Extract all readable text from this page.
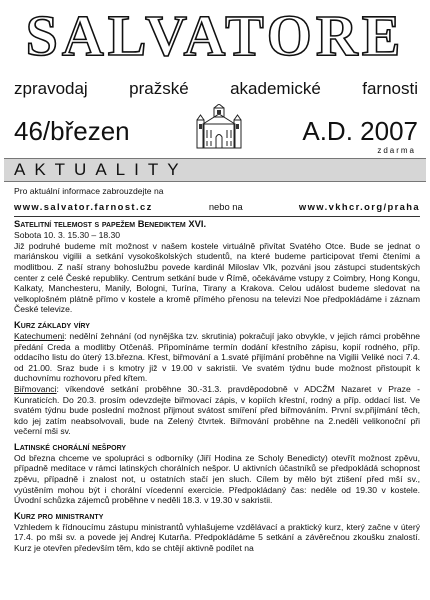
SALVATORE
zpravodaj pražské akademické farnosti
46/březen	A.D. 2007
zdarma
AKTUALITY

Pro aktuální informace zabrouzdejte na

www.salvator.farnost.cz	nebo na	www.vkhcr.org/praha
Satelitní telemost s papežem Benediktem XVI.

Sobota 10. 3. 15.30 – 18.30

Již podruhé budeme mít možnost v našem kostele virtuálně přivítat Svatého Otce. Bude se jednat o mariánskou vigilii a setkání vysokoškolských studentů, na které budeme participovat třemi čteními a modlitbou. Z naší strany bohoslužbu povede kardinál Miloslav Vlk, pozváni jsou zástupci studentských center z celé České republiky. Centrum setkání bude v Římě, očekáváme vstupy z Coimbry, Hong Kongu, Kalkaty, Manchesteru, Manily, Bologni, Turína, Tirany a Krakova. Celou událost budeme sledovat na velkoplošném plátně přímo v kostele a kromě přímého přenosu na televizi Noe předpokládáme i záznam České televize.

Kurz základy víry

Katechumeni: nedělní žehnání (od nynějška tzv. skrutinia) pokračují jako obvykle, v jejich rámci proběhne předání Creda a modlitby Otčenáš. Připomínáme termín dodání křestního zápisu, kopií rodného, příp. oddacího listu do úterý 13.března. Křest, biřmování a 1.svaté přijímání proběhne na Vigilii Veliké noci 7.4. od 21.00. Sraz bude i s kmotry již v 19.00 v sakristii. Ve svatém týdnu bude možnost přistoupit k duchovnímu rozhovoru před křtem.

Biřmovanci: víkendové setkání proběhne 30.-31.3. pravděpodobně v ADCŽM Nazaret v Praze - Kunraticích. Do 20.3. prosím odevzdejte biřmovací zápis, v kopiích křestní, rodný a příp. oddací list. Ve svatém týdnu bude poslední možnost přijmout svátost smíření před biřmováním. První sv.přijímání těch, kdo jej zatím neabsolvovali, bude na Zelený čtvrtek. Biřmování proběhne na 2.neděli velikonoční při večerní mši sv.

Latinské chorální nešpory

Od března chceme ve spolupráci s odborníky (Jiří Hodina ze Scholy Benedicty) otevřít možnost zpěvu, případně meditace v rámci latinských chorálních nešpor. U aktivních účastníků se předpokládá schopnost zpěvu, případně i znalost not, u ostatních stačí jen sluch. Cílem by mělo být ztišení před mší sv., vyústěním mohou být i chorální vícedenní exercicie. Předpokládaný čas: neděle od 19.30 v kostele. Úvodní schůzka zájemců proběhne v neděli 18.3. v 19.30 v sakristii.

Kurz pro ministranty

Vzhledem k řídnoucímu zástupu ministrantů vyhlašujeme vzdělávací a praktický kurz, který začne v úterý 17.4. po mši sv. a povede jej Andrej Kutarňa. Předpokládáme 5 setkání a závěrečnou zkoušku znalostí. Kurz je otevřen především těm, kdo se chtějí aktivně podílet na
